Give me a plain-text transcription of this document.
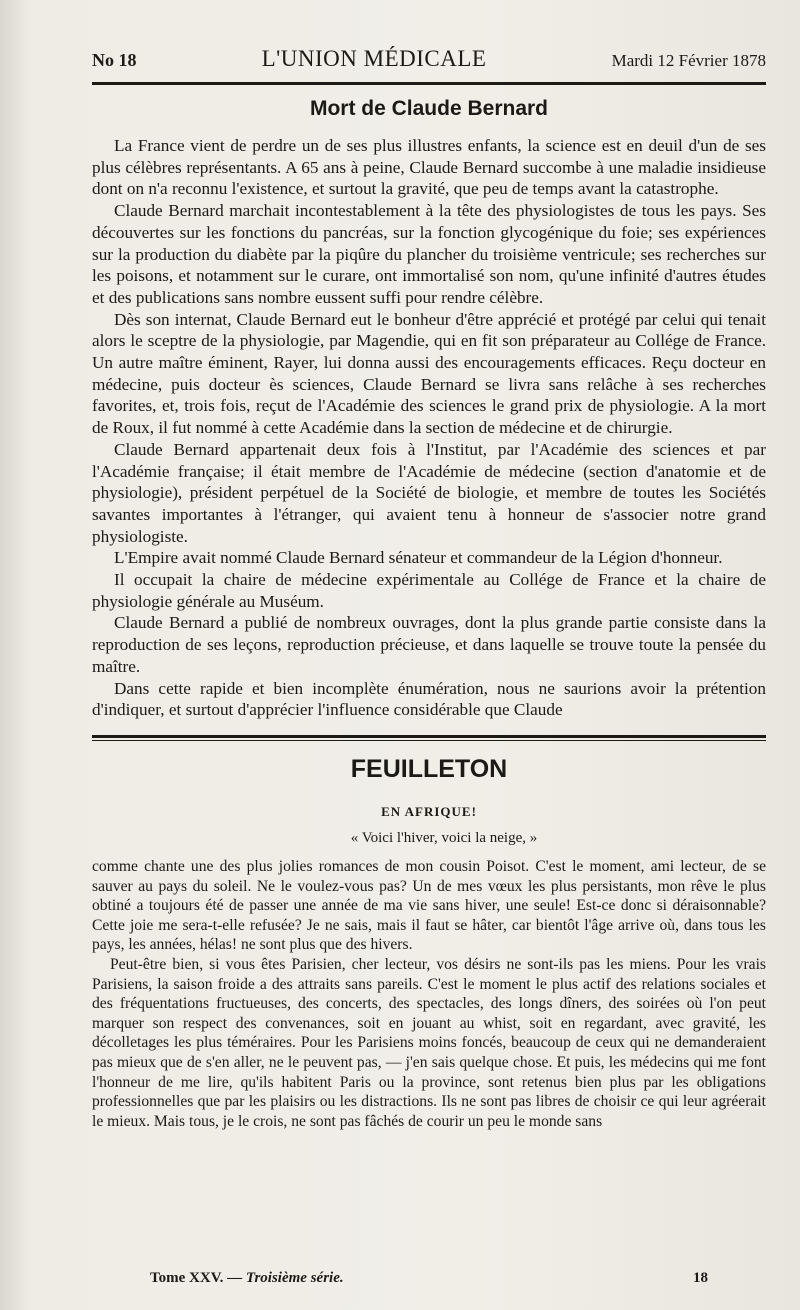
No 18	L'UNION MÉDICALE	Mardi 12 Février 1878
Mort de Claude Bernard

La France vient de perdre un de ses plus illustres enfants, la science est en deuil d'un de ses plus célèbres représentants. A 65 ans à peine, Claude Bernard succombe à une maladie insidieuse dont on n'a reconnu l'existence, et surtout la gravité, que peu de temps avant la catastrophe.

Claude Bernard marchait incontestablement à la tête des physiologistes de tous les pays. Ses découvertes sur les fonctions du pancréas, sur la fonction glycogénique du foie; ses expériences sur la production du diabète par la piqûre du plancher du troisième ventricule; ses recherches sur les poisons, et notamment sur le curare, ont immortalisé son nom, qu'une infinité d'autres études et des publications sans nombre eussent suffi pour rendre célèbre.

Dès son internat, Claude Bernard eut le bonheur d'être apprécié et protégé par celui qui tenait alors le sceptre de la physiologie, par Magendie, qui en fit son préparateur au Collége de France. Un autre maître éminent, Rayer, lui donna aussi des encouragements efficaces. Reçu docteur en médecine, puis docteur ès sciences, Claude Bernard se livra sans relâche à ses recherches favorites, et, trois fois, reçut de l'Académie des sciences le grand prix de physiologie. A la mort de Roux, il fut nommé à cette Académie dans la section de médecine et de chirurgie.

Claude Bernard appartenait deux fois à l'Institut, par l'Académie des sciences et par l'Académie française; il était membre de l'Académie de médecine (section d'anatomie et de physiologie), président perpétuel de la Société de biologie, et membre de toutes les Sociétés savantes importantes à l'étranger, qui avaient tenu à honneur de s'associer notre grand physiologiste.

L'Empire avait nommé Claude Bernard sénateur et commandeur de la Légion d'honneur.

Il occupait la chaire de médecine expérimentale au Collége de France et la chaire de physiologie générale au Muséum.

Claude Bernard a publié de nombreux ouvrages, dont la plus grande partie consiste dans la reproduction de ses leçons, reproduction précieuse, et dans laquelle se trouve toute la pensée du maître.

Dans cette rapide et bien incomplète énumération, nous ne saurions avoir la prétention d'indiquer, et surtout d'apprécier l'influence considérable que Claude

FEUILLETON
EN AFRIQUE!
« Voici l'hiver, voici la neige, »

comme chante une des plus jolies romances de mon cousin Poisot. C'est le moment, ami lecteur, de se sauver au pays du soleil. Ne le voulez-vous pas? Un de mes vœux les plus persistants, mon rêve le plus obtiné a toujours été de passer une année de ma vie sans hiver, une seule! Est-ce donc si déraisonnable? Cette joie me sera-t-elle refusée? Je ne sais, mais il faut se hâter, car bientôt l'âge arrive où, dans tous les pays, les années, hélas! ne sont plus que des hivers.

Peut-être bien, si vous êtes Parisien, cher lecteur, vos désirs ne sont-ils pas les miens. Pour les vrais Parisiens, la saison froide a des attraits sans pareils. C'est le moment le plus actif des relations sociales et des fréquentations fructueuses, des concerts, des spectacles, des longs dîners, des soirées où l'on peut marquer son respect des convenances, soit en jouant au whist, soit en regardant, avec gravité, les décolletages les plus téméraires. Pour les Parisiens moins foncés, beaucoup de ceux qui ne demanderaient pas mieux que de s'en aller, ne le peuvent pas, — j'en sais quelque chose. Et puis, les médecins qui me font l'honneur de me lire, qu'ils habitent Paris ou la province, sont retenus bien plus par les obligations professionnelles que par les plaisirs ou les distractions. Ils ne sont pas libres de choisir ce qui leur agréerait le mieux. Mais tous, je le crois, ne sont pas fâchés de courir un peu le monde sans

Tome XXV. — Troisième série.	18
